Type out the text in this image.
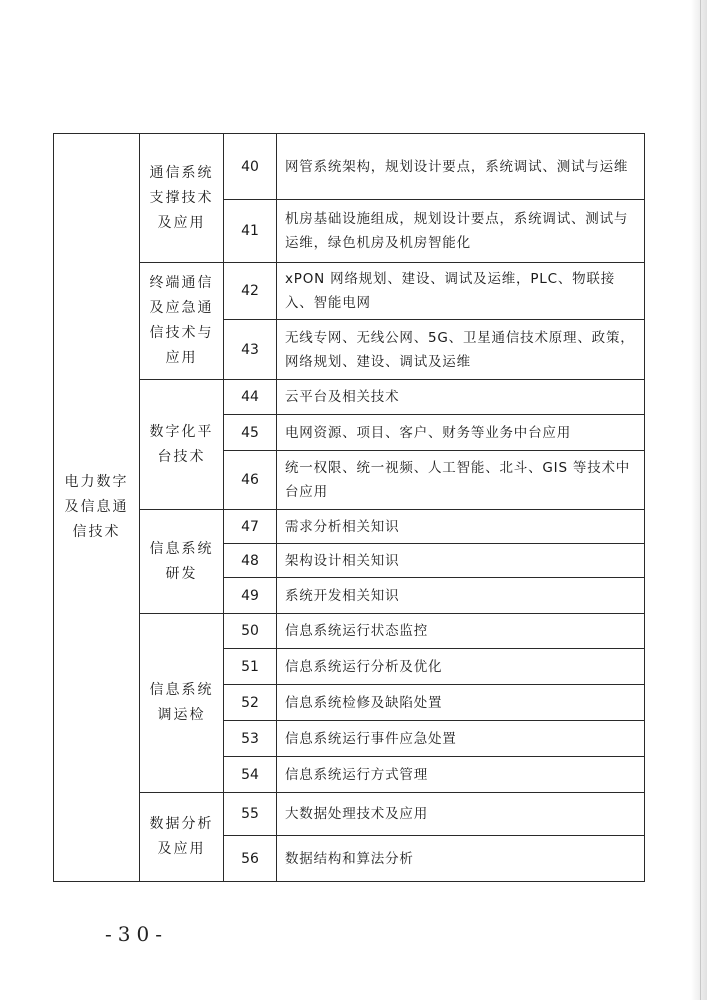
电力数字及信息通信技术	通信系统支撑技术及应用	40	网管系统架构，规划设计要点，系统调试、测试与运维
		41	机房基础设施组成，规划设计要点，系统调试、测试与运维，绿色机房及机房智能化

	终端通信及应急通信技术与应用	42	xPON 网络规划、建设、调试及运维，PLC、物联接入、智能电网
		43	无线专网、无线公网、5G、卫星通信技术原理、政策，网络规划、建设、调试及运维

	数字化平台技术	44	云平台及相关技术
		45	电网资源、项目、客户、财务等业务中台应用
		46	统一权限、统一视频、人工智能、北斗、GIS 等技术中台应用

	信息系统研发	47	需求分析相关知识
		48	架构设计相关知识
		49	系统开发相关知识

	信息系统调运检	50	信息系统运行状态监控
		51	信息系统运行分析及优化
		52	信息系统检修及缺陷处置
		53	信息系统运行事件应急处置
		54	信息系统运行方式管理

	数据分析及应用	55	大数据处理技术及应用
		56	数据结构和算法分析
-30-
